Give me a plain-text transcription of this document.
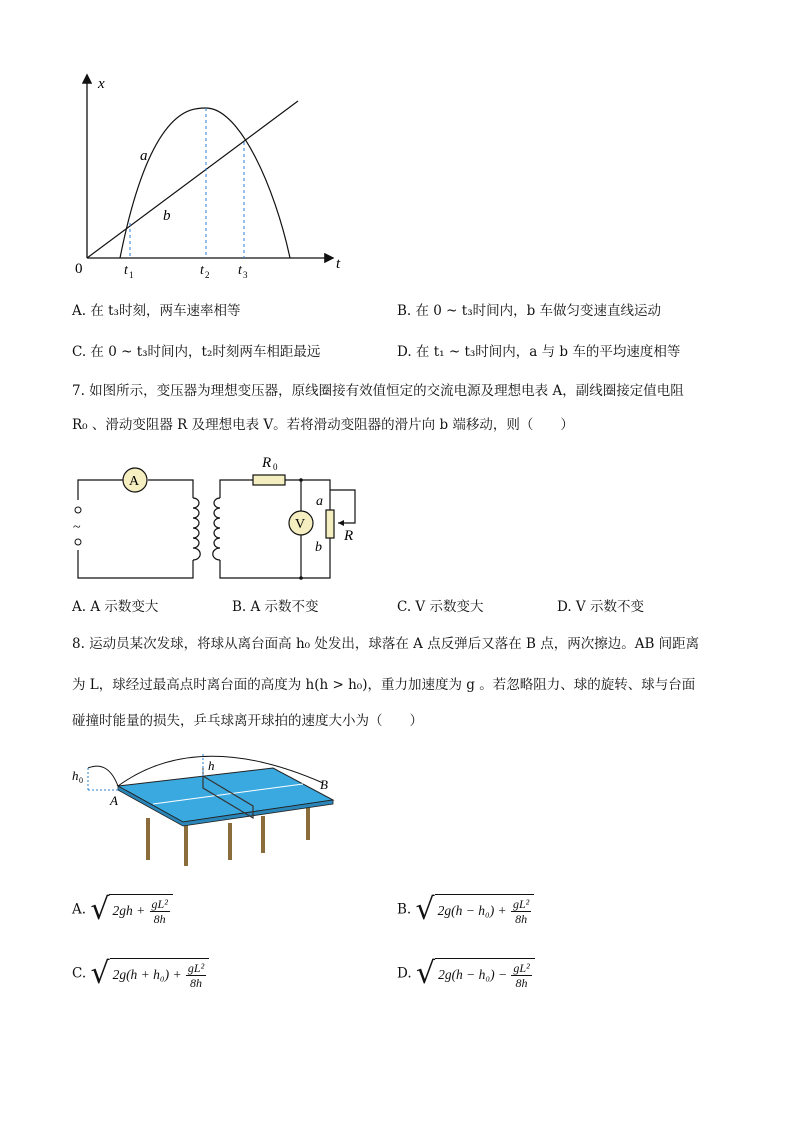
x
t
0
a
b
t 1	t 2 t 3
A. 在 t₃时刻，两车速率相等	B. 在 0 ~ t₃时间内，b 车做匀变速直线运动
C. 在 0 ~ t₃时间内，t₂时刻两车相距最远	D. 在 t₁ ~ t₃时间内，a 与 b 车的平均速度相等
7. 如图所示，变压器为理想变压器，原线圈接有效值恒定的交流电源及理想电表 A，副线圈接定值电阻
R₀ 、滑动变阻器 R 及理想电表 V。若将滑动变阻器的滑片向 b 端移动，则（　　）
A
~
R 0
V
a
b
R
A. A 示数变大	B. A 示数不变	C. V 示数变大	D. V 示数不变
8. 运动员某次发球，将球从离台面高 h₀ 处发出，球落在 A 点反弹后又落在 B 点，两次擦边。AB 间距离
为 L，球经过最高点时离台面的高度为 h(h > h₀)，重力加速度为 g 。若忽略阻力、球的旋转、球与台面
碰撞时能量的损失，乒乓球离开球拍的速度大小为（　　）
h 0
h
A
B
A. √ $2gh + \frac{\text{gL²}}{8h}$	B. √ $2g(h - h_0) + \frac{\text{gL²}}{8h}$
C. √ $2g(h + h_0) + \frac{\text{gL²}}{8h}$	D. √ $2g(h - h_0) - \frac{\text{gL²}}{8h}$
